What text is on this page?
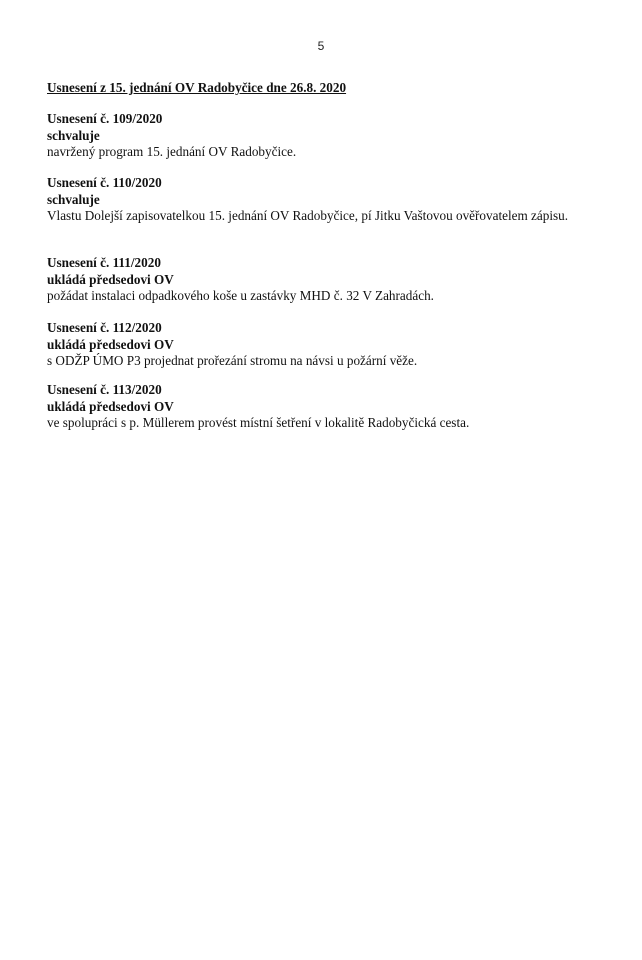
5
Usnesení z 15. jednání OV Radobyčice dne 26.8. 2020
Usnesení č. 109/2020
schvaluje
navržený program 15. jednání OV Radobyčice.
Usnesení č. 110/2020
schvaluje
Vlastu Dolejší zapisovatelkou 15. jednání OV Radobyčice, pí Jitku Vaštovou ověřovatelem zápisu.
Usnesení č. 111/2020
ukládá předsedovi OV
požádat instalaci odpadkového koše u zastávky MHD č. 32 V Zahradách.
Usnesení č. 112/2020
ukládá předsedovi OV
s ODŽP ÚMO P3 projednat prořezání stromu na návsi u požární věže.
Usnesení č. 113/2020
ukládá předsedovi OV
ve spolupráci s p. Müllerem provést místní šetření v lokalitě Radobyčická cesta.
